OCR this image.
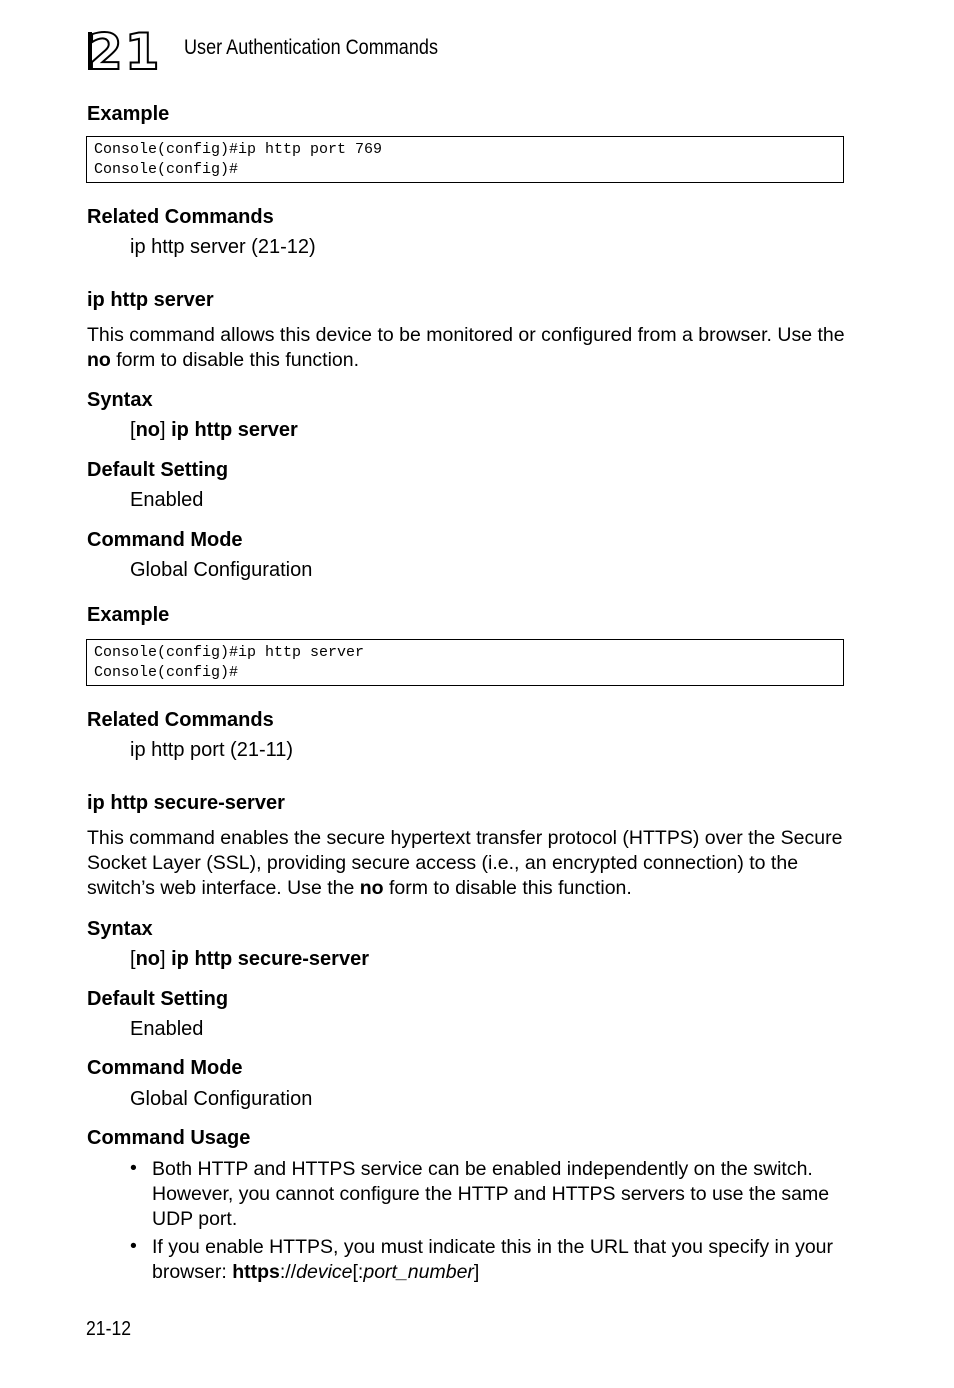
21 User Authentication Commands
Example
Console(config)#ip http port 769
Console(config)#
Related Commands
ip http server (21-12)
ip http server
This command allows this device to be monitored or configured from a browser. Use the no form to disable this function.
Syntax
[no] ip http server
Default Setting
Enabled
Command Mode
Global Configuration
Example
Console(config)#ip http server
Console(config)#
Related Commands
ip http port (21-11)
ip http secure-server
This command enables the secure hypertext transfer protocol (HTTPS) over the Secure Socket Layer (SSL), providing secure access (i.e., an encrypted connection) to the switch’s web interface. Use the no form to disable this function.
Syntax
[no] ip http secure-server
Default Setting
Enabled
Command Mode
Global Configuration
Command Usage
• Both HTTP and HTTPS service can be enabled independently on the switch. However, you cannot configure the HTTP and HTTPS servers to use the same UDP port.
• If you enable HTTPS, you must indicate this in the URL that you specify in your browser: https://device[:port_number]
21-12
